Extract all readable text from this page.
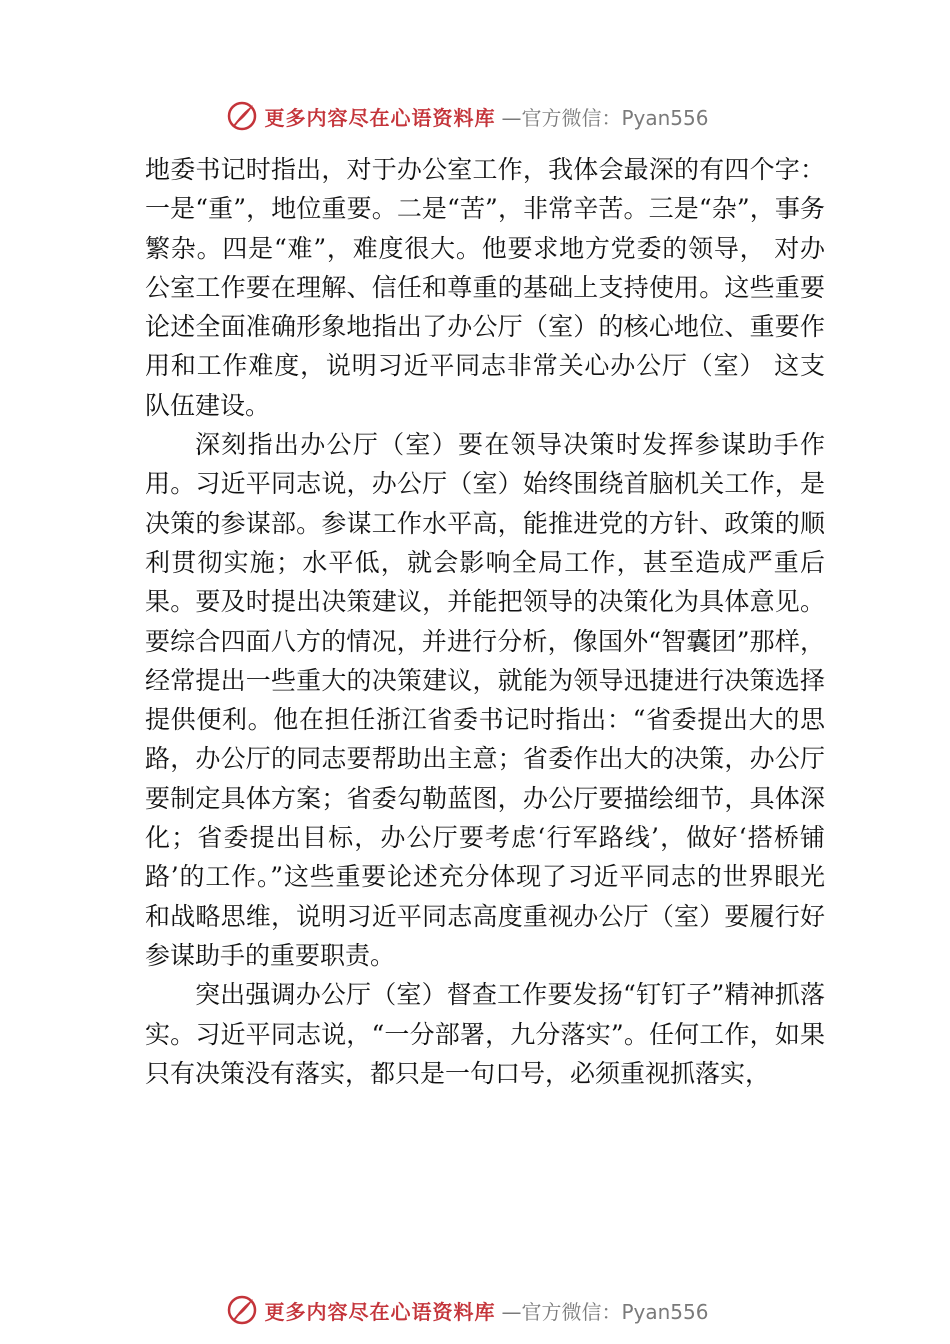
更多内容尽在心语资料库 —官方微信：Pyan556

地委书记时指出，对于办公室工作，我体会最深的有四个字：一是“重”，地位重要。二是“苦”，非常辛苦。三是“杂”，事务繁杂。四是“难”，难度很大。他要求地方党委的领导， 对办公室工作要在理解、信任和尊重的基础上支持使用。这些重要论述全面准确形象地指出了办公厅（室）的核心地位、重要作用和工作难度，说明习近平同志非常关心办公厅（室） 这支队伍建设。

深刻指出办公厅（室）要在领导决策时发挥参谋助手作用。习近平同志说，办公厅（室）始终围绕首脑机关工作，是决策的参谋部。参谋工作水平高，能推进党的方针、政策的顺利贯彻实施；水平低，就会影响全局工作，甚至造成严重后果。要及时提出决策建议，并能把领导的决策化为具体意见。要综合四面八方的情况，并进行分析，像国外“智囊团”那样，经常提出一些重大的决策建议，就能为领导迅捷进行决策选择提供便利。他在担任浙江省委书记时指出：“省委提出大的思路，办公厅的同志要帮助出主意；省委作出大的决策，办公厅要制定具体方案；省委勾勒蓝图，办公厅要描绘细节，具体深化；省委提出目标，办公厅要考虑‘行军路线’，做好‘搭桥铺路’的工作。”这些重要论述充分体现了习近平同志的世界眼光和战略思维，说明习近平同志高度重视办公厅（室）要履行好参谋助手的重要职责。

突出强调办公厅（室）督查工作要发扬“钉钉子”精神抓落实。习近平同志说，“一分部署，九分落实”。任何工作，如果只有决策没有落实，都只是一句口号，必须重视抓落实，

更多内容尽在心语资料库 —官方微信：Pyan556
